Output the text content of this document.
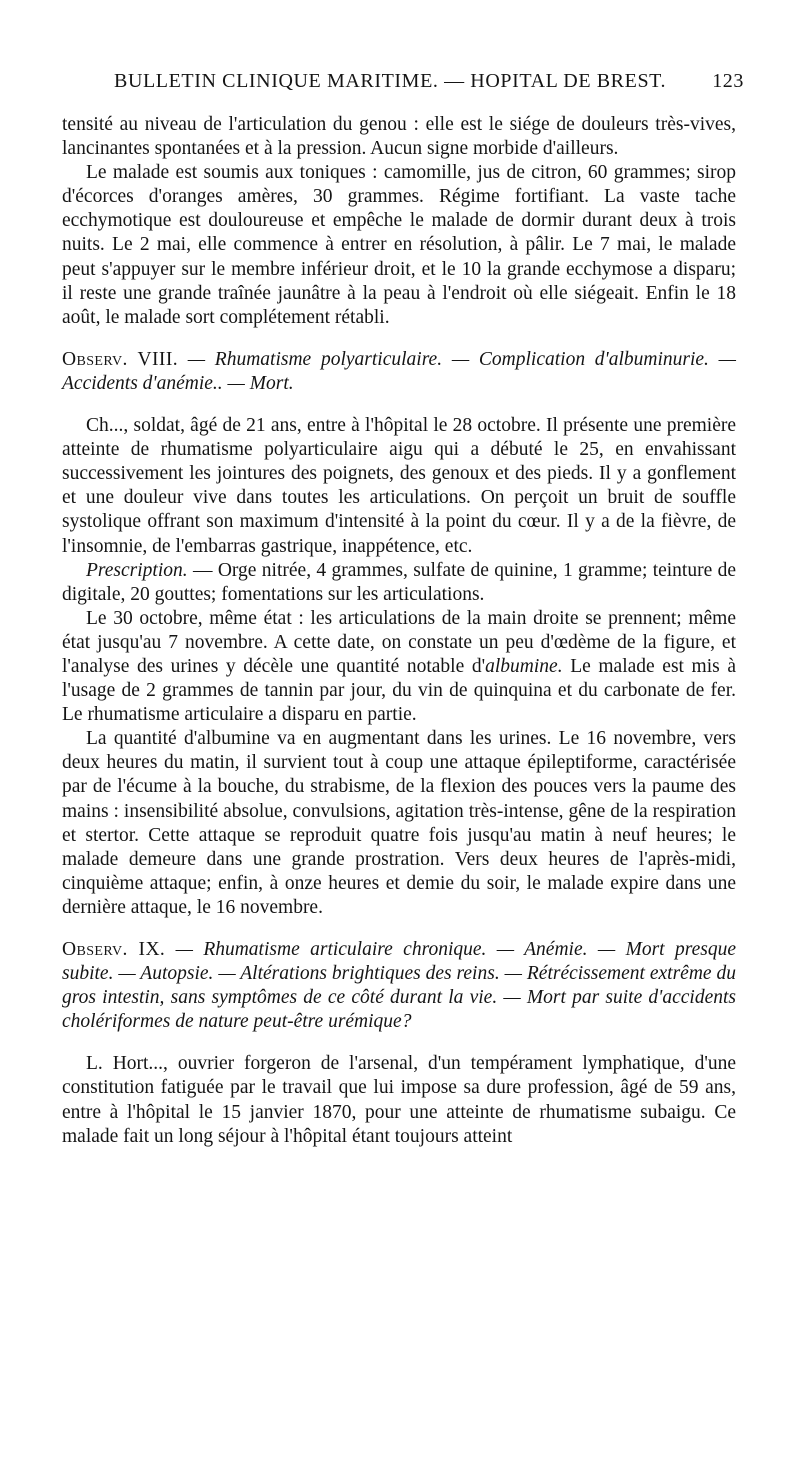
BULLETIN CLINIQUE MARITIME. — HOPITAL DE BREST. 123

tensité au niveau de l'articulation du genou : elle est le siége de douleurs très-vives, lancinantes spontanées et à la pression. Aucun signe morbide d'ailleurs.

Le malade est soumis aux toniques : camomille, jus de citron, 60 grammes; sirop d'écorces d'oranges amères, 30 grammes. Régime fortifiant. La vaste tache ecchymotique est douloureuse et empêche le malade de dormir durant deux à trois nuits. Le 2 mai, elle commence à entrer en résolution, à pâlir. Le 7 mai, le malade peut s'appuyer sur le membre inférieur droit, et le 10 la grande ecchymose a disparu; il reste une grande traînée jaunâtre à la peau à l'endroit où elle siégeait. Enfin le 18 août, le malade sort complétement rétabli.

Observ. VIII. — Rhumatisme polyarticulaire. — Complication d'albuminurie. — Accidents d'anémie.. — Mort.

Ch..., soldat, âgé de 21 ans, entre à l'hôpital le 28 octobre. Il présente une première atteinte de rhumatisme polyarticulaire aigu qui a débuté le 25, en envahissant successivement les jointures des poignets, des genoux et des pieds. Il y a gonflement et une douleur vive dans toutes les articulations. On perçoit un bruit de souffle systolique offrant son maximum d'intensité à la point du cœur. Il y a de la fièvre, de l'insomnie, de l'embarras gastrique, inappétence, etc.

Prescription. — Orge nitrée, 4 grammes, sulfate de quinine, 1 gramme; teinture de digitale, 20 gouttes; fomentations sur les articulations.

Le 30 octobre, même état : les articulations de la main droite se prennent; même état jusqu'au 7 novembre. A cette date, on constate un peu d'œdème de la figure, et l'analyse des urines y décèle une quantité notable d'albumine. Le malade est mis à l'usage de 2 grammes de tannin par jour, du vin de quinquina et du carbonate de fer. Le rhumatisme articulaire a disparu en partie.

La quantité d'albumine va en augmentant dans les urines. Le 16 novembre, vers deux heures du matin, il survient tout à coup une attaque épileptiforme, caractérisée par de l'écume à la bouche, du strabisme, de la flexion des pouces vers la paume des mains : insensibilité absolue, convulsions, agitation très-intense, gêne de la respiration et stertor. Cette attaque se reproduit quatre fois jusqu'au matin à neuf heures; le malade demeure dans une grande prostration. Vers deux heures de l'après-midi, cinquième attaque; enfin, à onze heures et demie du soir, le malade expire dans une dernière attaque, le 16 novembre.

Observ. IX. — Rhumatisme articulaire chronique. — Anémie. — Mort presque subite. — Autopsie. — Altérations brightiques des reins. — Rétrécissement extrême du gros intestin, sans symptômes de ce côté durant la vie. — Mort par suite d'accidents cholériformes de nature peut-être urémique?

L. Hort..., ouvrier forgeron de l'arsenal, d'un tempérament lymphatique, d'une constitution fatiguée par le travail que lui impose sa dure profession, âgé de 59 ans, entre à l'hôpital le 15 janvier 1870, pour une atteinte de rhumatisme subaigu. Ce malade fait un long séjour à l'hôpital étant toujours atteint
